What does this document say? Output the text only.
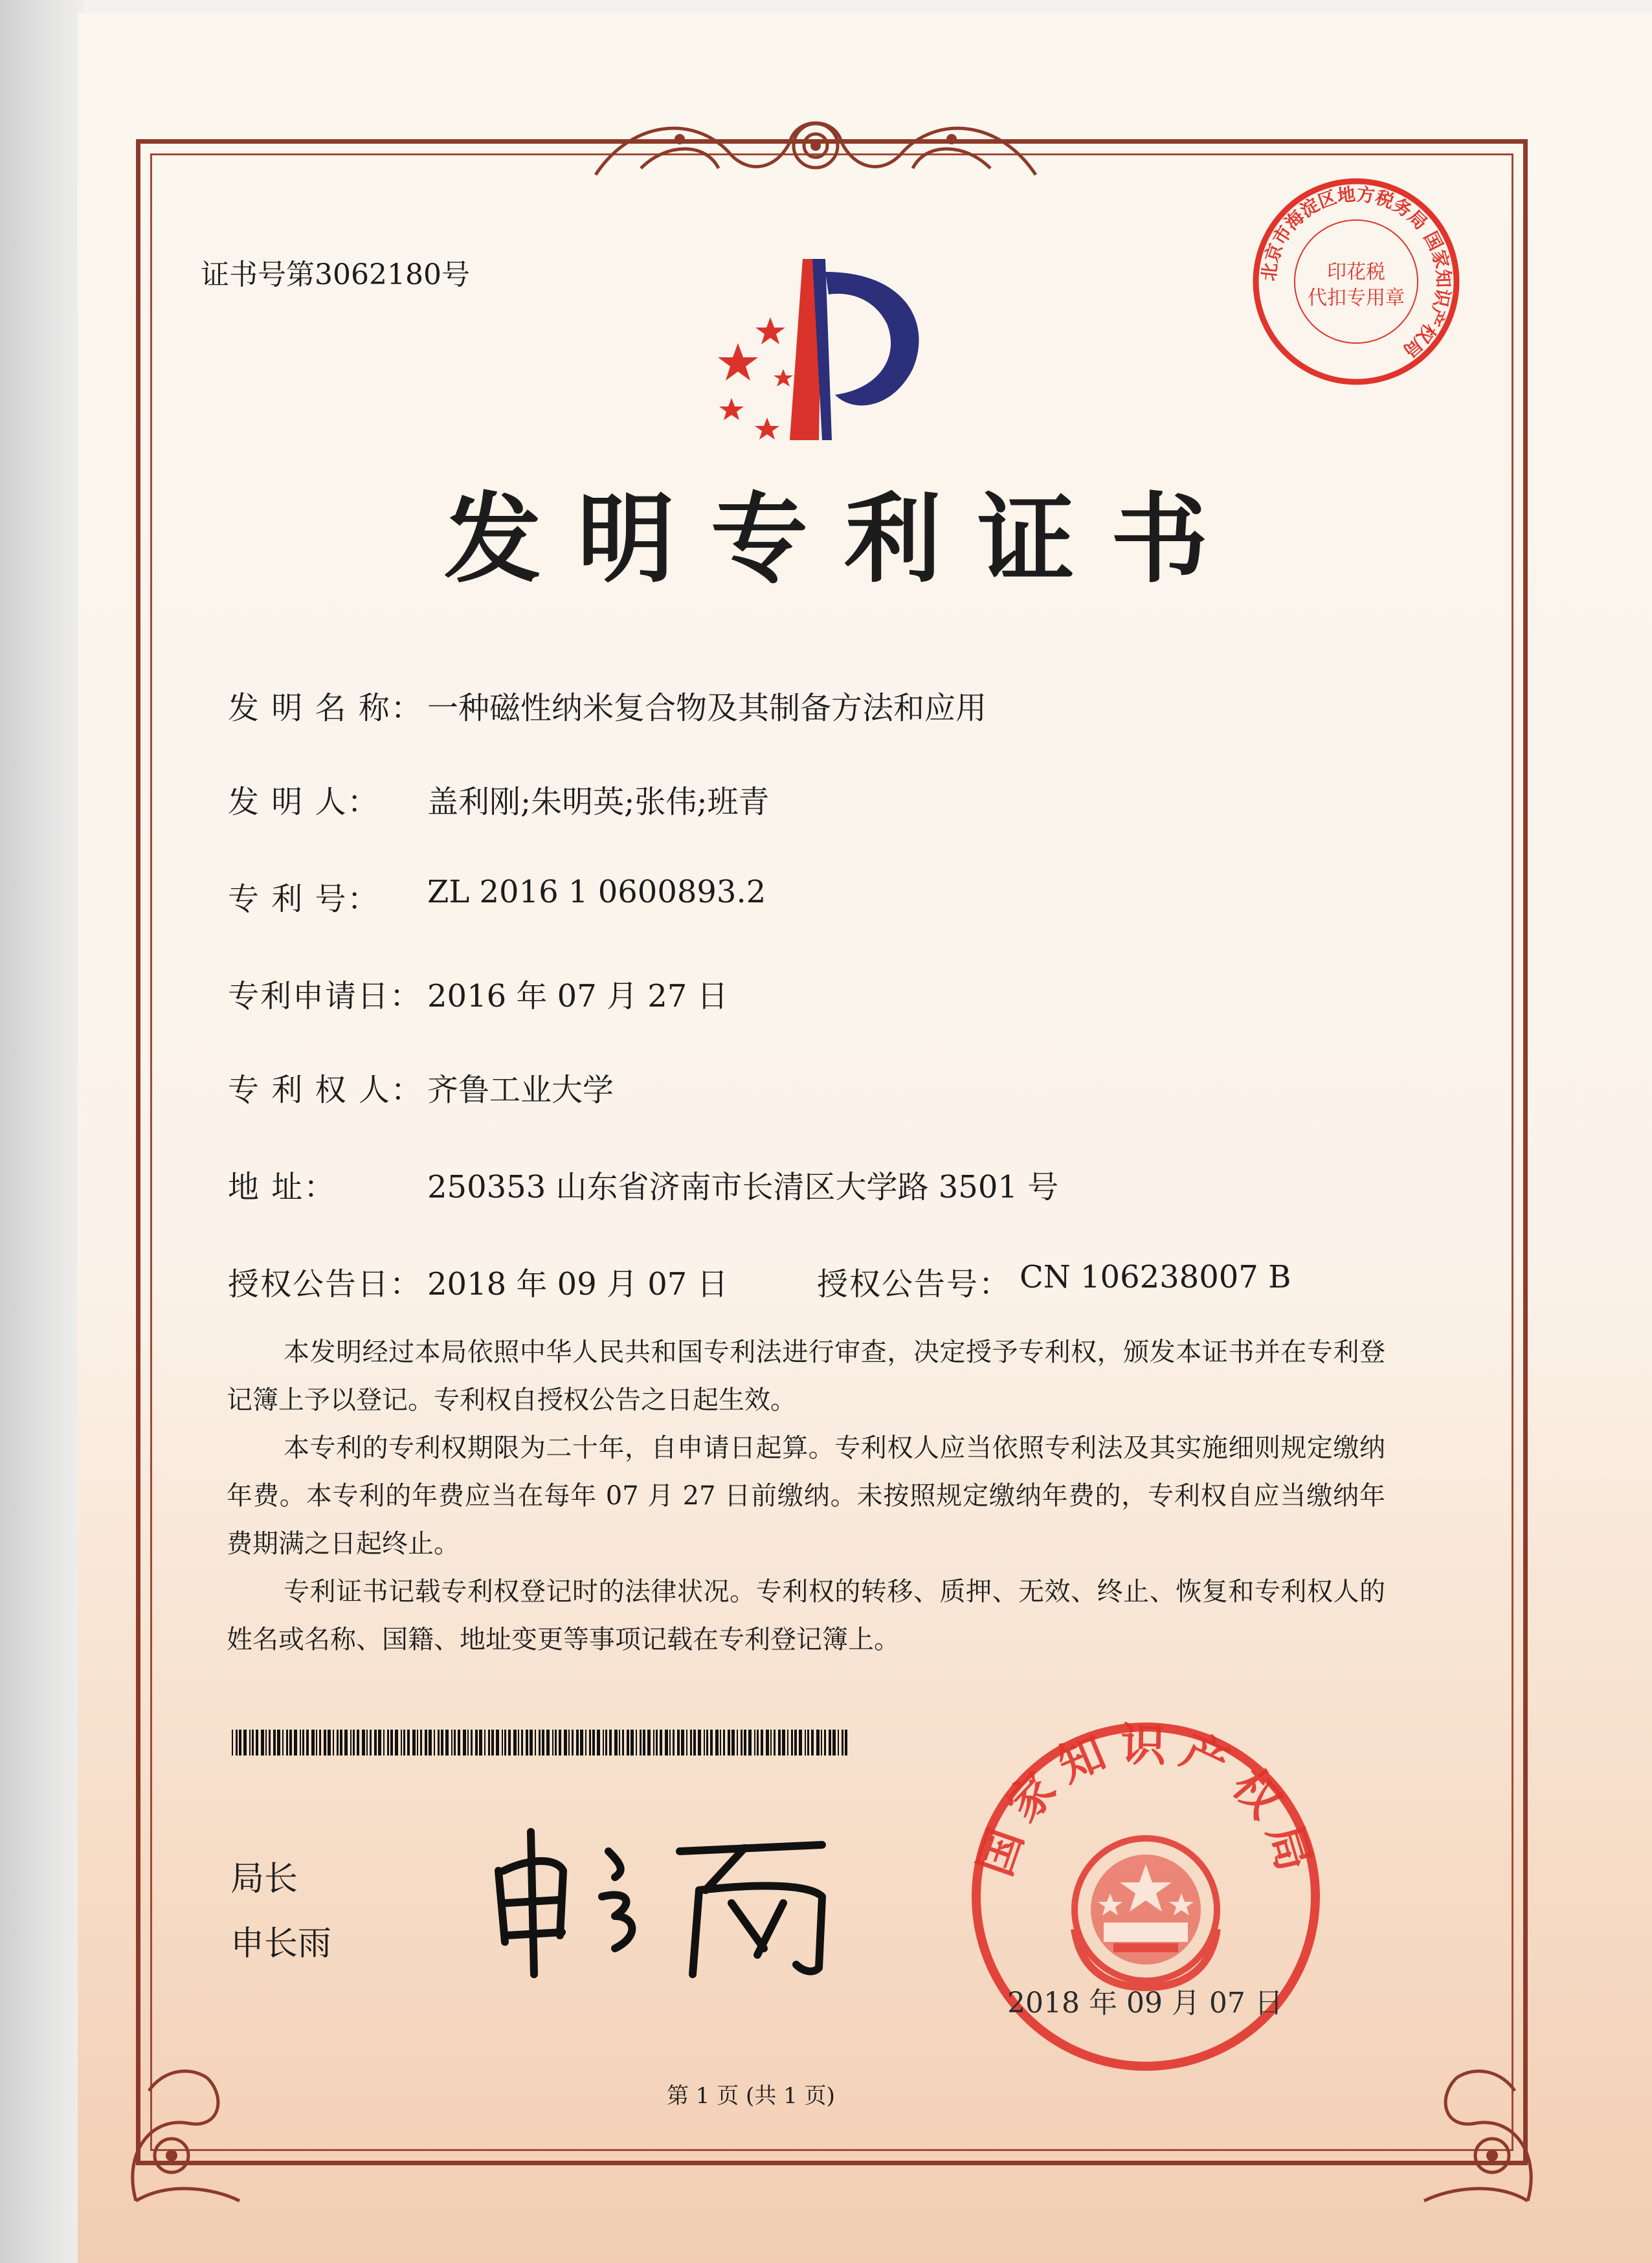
证书号第3062180号	北京市海淀区地方税务局 国家知识产权局
印花税
代扣专用章
发明专利证书
发 明 名 称： 一种磁性纳米复合物及其制备方法和应用
发 明 人： 盖利刚;朱明英;张伟;班青
专 利 号： ZL 2016 1 0600893.2
专利申请日： 2016 年 07 月 27 日
专 利 权 人： 齐鲁工业大学
地 址：	250353 山东省济南市长清区大学路 3501 号
授权公告日： 2018 年 09 月 07 日	授权公告号： CN 106238007 B

本发明经过本局依照中华人民共和国专利法进行审查，决定授予专利权，颁发本证书并在专利登记簿上予以登记。专利权自授权公告之日起生效。

本专利的专利权期限为二十年，自申请日起算。专利权人应当依照专利法及其实施细则规定缴纳年费。本专利的年费应当在每年 07 月 27 日前缴纳。未按照规定缴纳年费的，专利权自应当缴纳年费期满之日起终止。

专利证书记载专利权登记时的法律状况。专利权的转移、质押、无效、终止、恢复和专利权人的姓名或名称、国籍、地址变更等事项记载在专利登记簿上。

局长
申长雨
国家知识产权局
2018 年 09 月 07 日
第 1 页 (共 1 页)
